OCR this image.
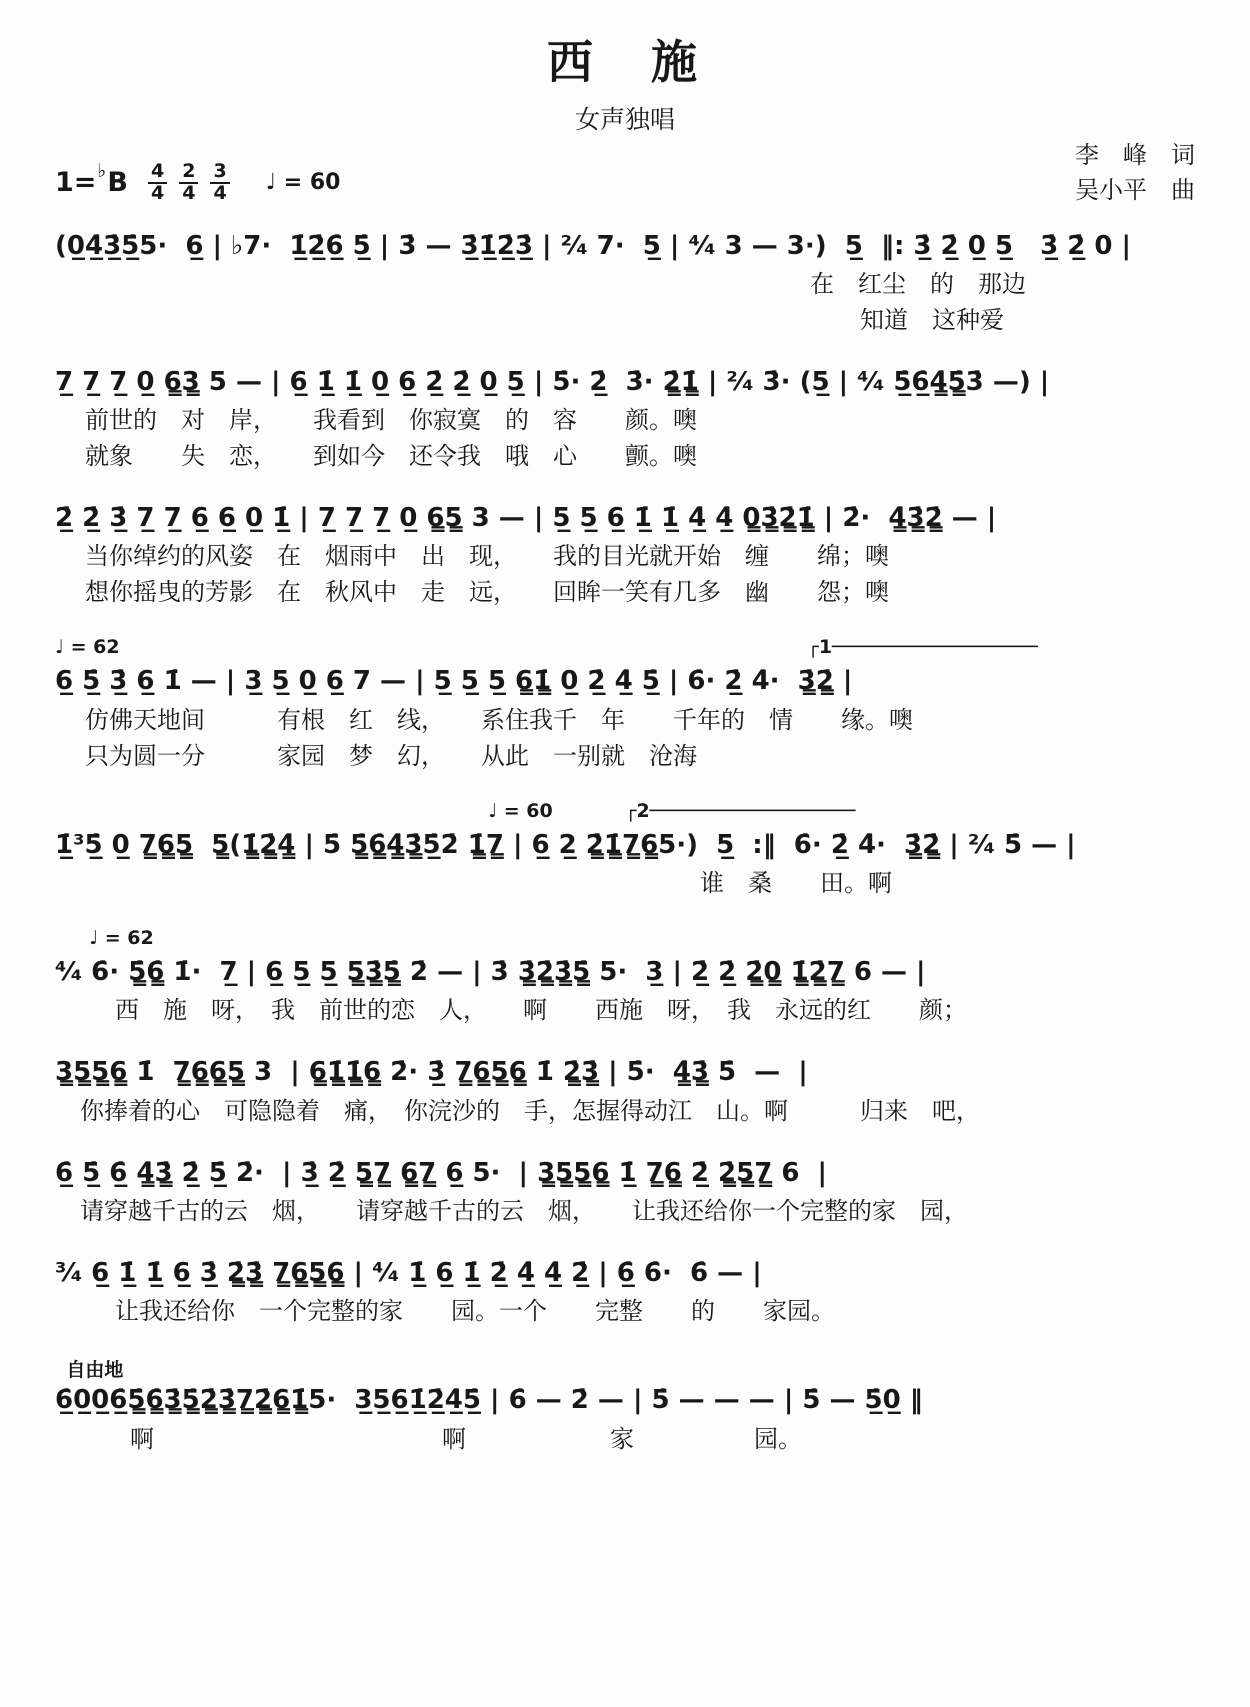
西　施
女声独唱
1= ♭ B $\frac{4}{4} \frac{2}{4} \frac{3}{4}$ ♩ = 60
李　峰　词
吴小平　曲
(0̲4̲̇3̲̇5̲̇5·  6̲ | ♭7·  1̲̇2̲̇6̲̇ 5̲̇ | 3̇ — 3̲̇1̲̇2̲̇3̲̇ | ²⁄₄ 7·  5̲ | ⁴⁄₄ 3 — 3·)  5̲  ‖: 3̲̇ 2̲̇ 0̲ 5̲   3̲̇ 2̲̇ 0 |
在　红尘　的　那边
知道　这种爱
7̲ 7̲ 7̲ 0̲ 6̳3̳ 5 — | 6̲ 1̲̇ 1̲̇ 0̲ 6̲ 2̲̇ 2̲̇ 0̲ 5̲ | 5̇· 2̲̇  3̇· 2̳̇1̳̇ | ²⁄₄ 3̇· (5̲ | ⁴⁄₄ 5̲̇6̲̇4̳̇5̳̇3̇ —) |
前世的　对　岸，　　我看到　你寂寞　的　容　　颜。噢
就象　　失　恋，　　到如今　还令我　哦　心　　颤。噢
2̲̇ 2̲̇ 3̲̇ 7̲ 7̲ 6̲ 6̲ 0̲ 1̲̇ | 7̲ 7̲ 7̲ 0̲ 6̳5̳ 3 — | 5̲ 5̲ 6̲ 1̲̇ 1̲̇ 4̲̇ 4̲̇ 0̳3̳̇2̳̇1̳̇ | 2̇·  4̳̇3̳̇2̳̇ — |
当你绰约的风姿　在　烟雨中　出　现，　　我的目光就开始　缠　　绵；噢
想你摇曳的芳影　在　秋风中　走　远，　　回眸一笑有几多　幽　　怨；噢
♩ = 62	┌1──────────────────
6̲ 5̲̇ 3̲̇ 6̲ 1̇ — | 3̲ 5̲ 0̲ 6̲ 7 — | 5̲ 5̲ 5̲ 6̳1̳̇ 0̲ 2̲̇ 4̲̇ 5̲̇ | 6̇· 2̲̇ 4̇·  3̳̇2̳̇ |
仿佛天地间　　　有根　红　线，　　系住我千　年　　千年的　情　　缘。噢
只为圆一分　　　家园　梦　幻，　　从此　一别就　沧海
♩ = 60	┌2──────────────────
1̲̇³5̲̇ 0̲ 7̳6̳5̳  5̳(1̳̇2̳̇4̳̇ | 5̇ 5̳̇6̳̇4̳̇3̳̇5̲̇2̇ 1̳̇7̳ | 6̲ 2̲ 2̳̇1̳̇7̳6̳5·)  5̲  :‖  6̇· 2̲̇ 4̇·  3̳̇2̳̇ | ²⁄₄ 5̇ — |
谁　桑　　田。啊
♩ = 62
⁴⁄₄ 6̇· 5̳̇6̳̇ 1̇·  7̲ | 6̲ 5̲ 5̲ 5̳3̳̇5̳̇ 2̇ — | 3̇ 3̳̇2̳̇3̳̇5̳̇ 5·  3̲ | 2̲̇ 2̲̇ 2̳̇0̳ 1̳̇2̳̇7̳ 6 — |
西　施　呀，　我　前世的恋　人，　　啊　　西施　呀，　我　永远的红　　颜；
3̳5̳5̳6̳ 1̇  7̳6̳6̳5̳ 3  | 6̳1̳̇1̳̇6̳ 2̇· 3̲̇ 7̳6̳5̳6̳ 1̇ 2̳̇3̳̇ | 5̇·  4̳̇3̳̇ 5̇  —  |
你捧着的心　可隐隐着　痛，　你浣沙的　手，怎握得动江　山。啊　　　归来　吧，
6̲̇ 5̲̇ 6̲̇ 4̳̇3̳̇ 2̲̇ 5̲̇ 2̇·  | 3̲̇ 2̲̇ 5̳7̳ 6̳7̳ 6̲ 5·  | 3̳5̳5̳6̳ 1̲̇ 7̳6̳ 2̲̇ 2̳̇5̳7̳ 6  |
请穿越千古的云　烟，　　请穿越千古的云　烟，　　让我还给你一个完整的家　园，
³⁄₄ 6̲ 1̲̇ 1̲̇ 6̲ 3̲̇ 2̳̇3̳̇ 7̳6̳5̳6̳ | ⁴⁄₄ 1̲̇ 6̲ 1̲̇ 2̲̇ 4̲̇ 4̲̇ 2̲̇ | 6̲̇ 6̇·  6̇ — |
让我还给你　一个完整的家　　园。一个　　完整　　的　　家园。
自由地
6̲̇0̲0̲6̲̇5̳̇6̳̇3̳̇5̳̇2̳̇3̳̇7̳2̳̇6̳1̳̇5·  3̲5̲6̲1̲̇2̲̇4̲̇5̲̇ | 6̇ — 2̇ — | 5̇ — — — | 5̇ — 5̲̇0̲ ‖
啊　　　　　　　　　　　　啊　　　　　　家　　　　　园。
